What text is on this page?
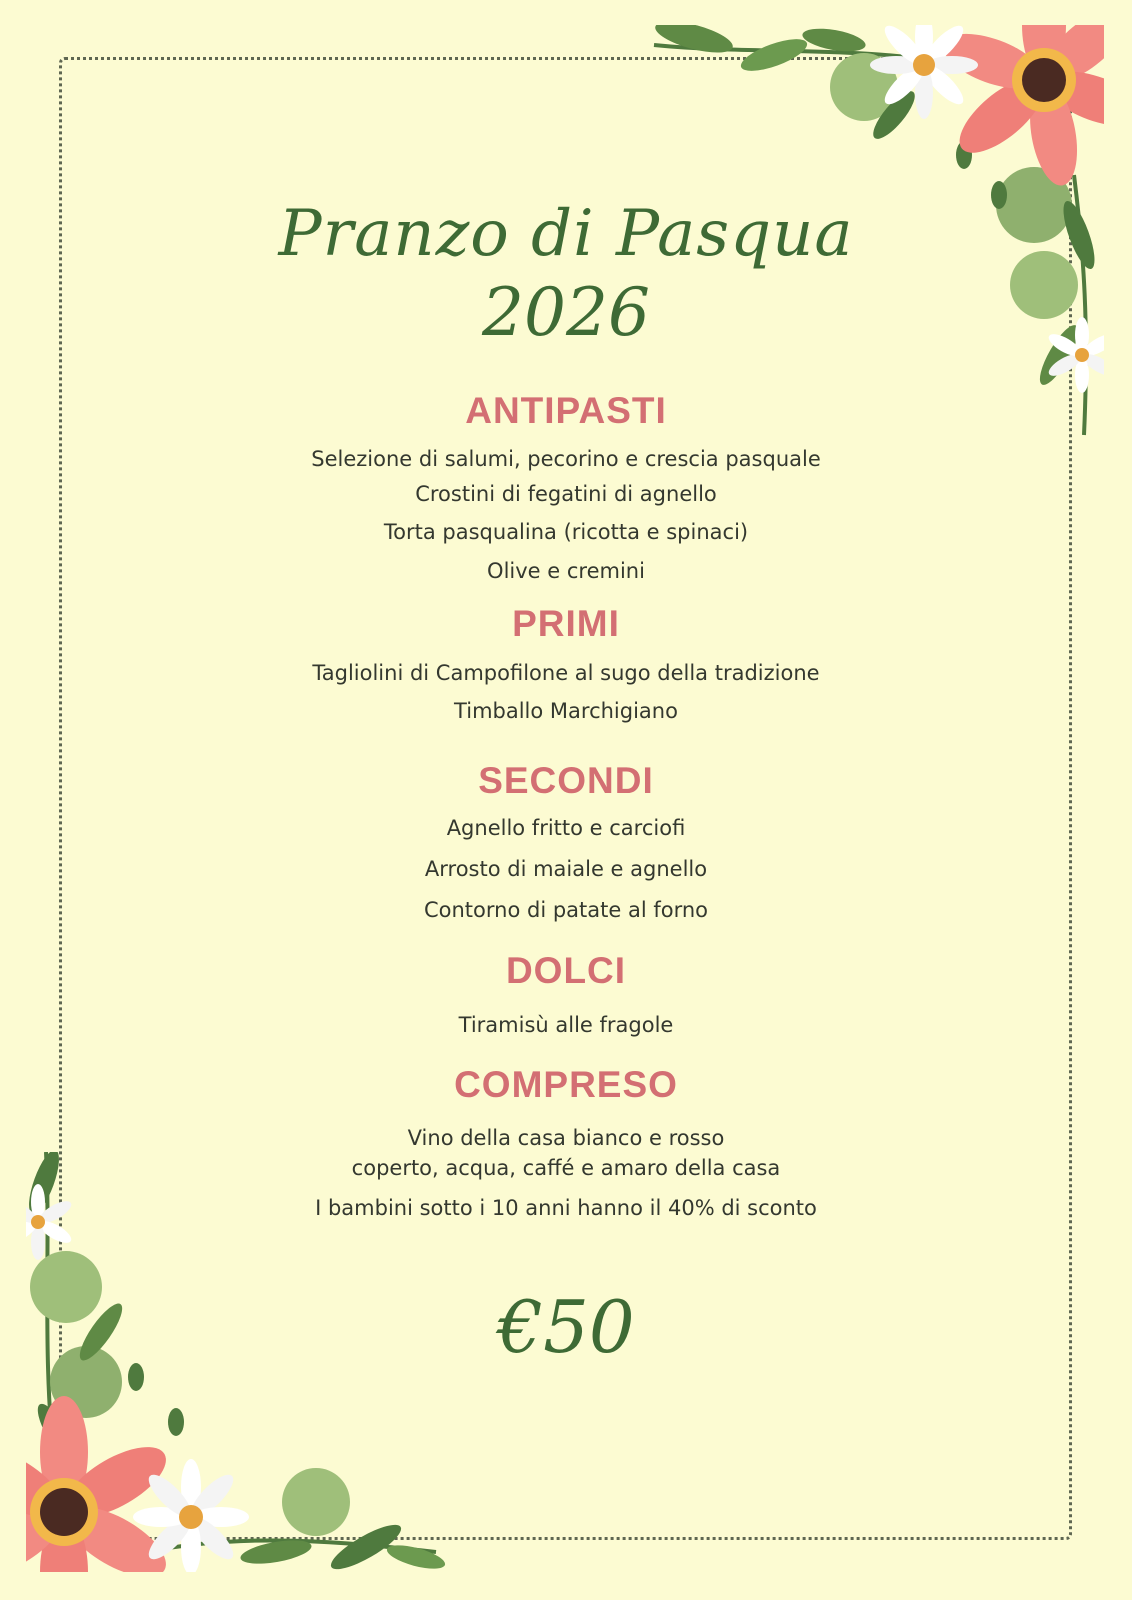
Pranzo di Pasqua

2026

ANTIPASTI

Selezione di salumi, pecorino e crescia pasquale

Crostini di fegatini di agnello

Torta pasqualina (ricotta e spinaci)

Olive e cremini

PRIMI

Tagliolini di Campofilone al sugo della tradizione

Timballo Marchigiano

SECONDI

Agnello fritto e carciofi

Arrosto di maiale e agnello

Contorno di patate al forno

DOLCI

Tiramisù alle fragole

COMPRESO

Vino della casa bianco e rosso

coperto, acqua, caffé e amaro della casa

I bambini sotto i 10 anni hanno il 40% di sconto

€50
